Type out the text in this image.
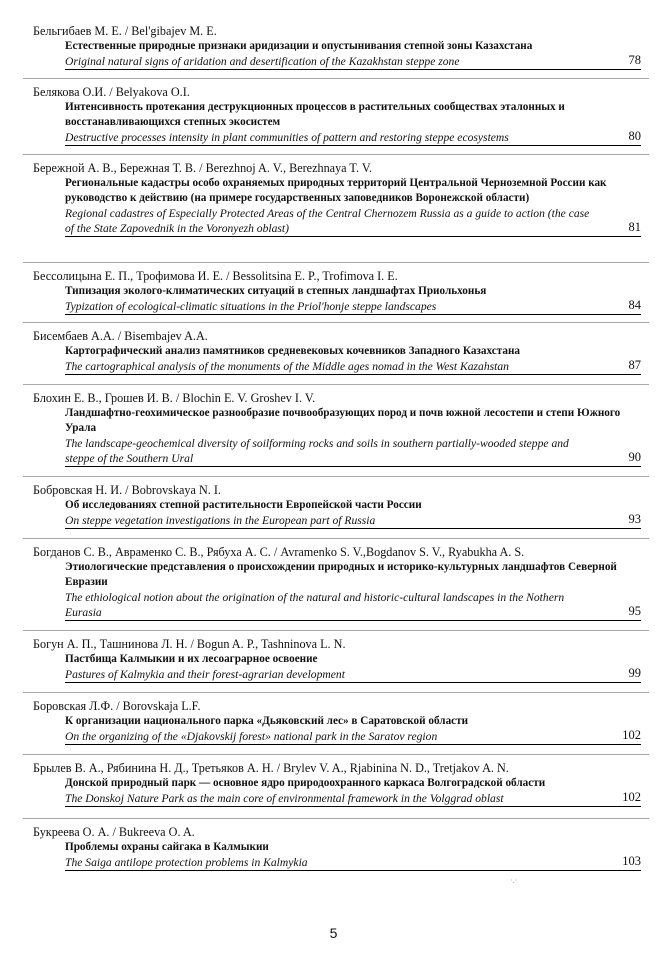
Бельгибаев М. Е. / Bel'gibajev M. E.
Естественные природные признаки аридизации и опустынивания степной зоны Казахстана
Original natural signs of aridation and desertification of the Kazakhstan steppe zone	78
Белякова О.И. / Belyakova O.I.
Интенсивность протекания деструкционных процессов в растительных сообществах эталонных и восстанавливающихся степных экосистем
Destructive processes intensity in plant communities of pattern and restoring steppe ecosystems	80
Бережной А. В., Бережная Т. В. / Berezhnoj A. V., Berezhnaya T. V.
Региональные кадастры особо охраняемых природных территорий Центральной Черноземной России как руководство к действию (на примере государственных заповедников Воронежской области)
Regional cadastres of Especially Protected Areas of the Central Chernozem Russia as a guide to action (the case of the State Zapovednik in the Voronyezh oblast)	81
Бессолицына Е. П., Трофимова И. Е. / Bessolitsina E. P., Trofimova I. E.
Типизация эколого-климатических ситуаций в степных ландшафтах Приольхонья
Typization of ecological-climatic situations in the Priol'honje steppe landscapes	84
Бисембаев А.А. / Bisembajev A.A.
Картографический анализ памятников средневековых кочевников Западного Казахстана
The cartographical analysis of the monuments of the Middle ages nomad in the West Kazahstan	87
Блохин Е. В., Грошев И. В. / Blochin E. V. Groshev I. V.
Ландшафтно-геохимическое разнообразие почвообразующих пород и почв южной лесостепи и степи Южного Урала
The landscape-geochemical diversity of soilforming rocks and soils in southern partially-wooded steppe and steppe of the Southern Ural	90
Бобровская Н. И. / Bobrovskaya N. I.
Об исследованиях степной растительности Европейской части России
On steppe vegetation investigations in the European part of Russia	93
Богданов С. В., Авраменко С. В., Рябуха А. С. / Avramenko S. V.,Bogdanov S. V., Ryabukha A. S.
Этиологические представления о происхождении природных и историко-культурных ландшафтов Северной Евразии
The ethiological notion about the origination of the natural and historic-cultural landscapes in the Nothern Eurasia	95
Богун А. П., Ташнинова Л. Н. / Bogun A. P., Tashninova L. N.
Пастбища Калмыкии и их лесоаграрное освоение
Pastures of Kalmykia and their forest-agrarian development	99
Боровская Л.Ф. / Borovskaja L.F.
К организации национального парка «Дьяковский лес» в Саратовской области
On the organizing of the «Djakovskij forest» national park in the Saratov region	102
Брылев В. А., Рябинина Н. Д., Третьяков А. Н. / Brylev V. A., Rjabinina N. D., Tretjakov A. N.
Донской природный парк — основное ядро природоохранного каркаса Волгоградской области
The Donskoj Nature Park as the main core of environmental framework in the Volggrad oblast	102
Букреева О. А. / Bukreeva O. A.
Проблемы охраны сайгака в Калмыкии
The Saiga antilope protection problems in Kalmykia	103
·.·
5
